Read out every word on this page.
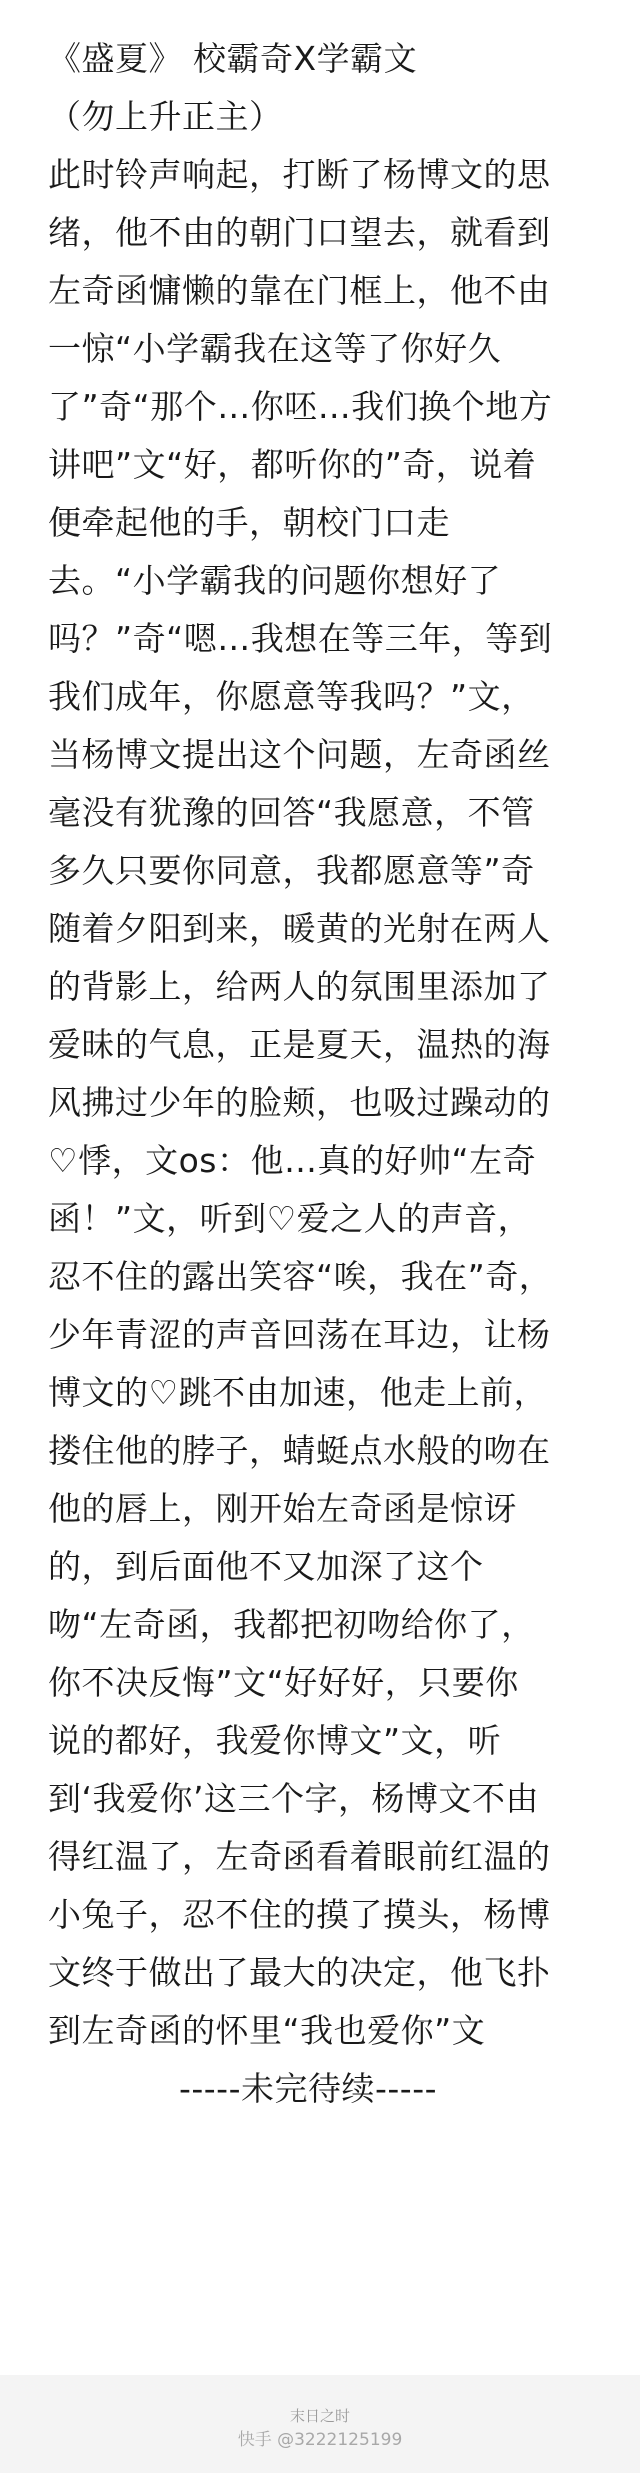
《盛夏》 校霸奇X学霸文
（勿上升正主）
此时铃声响起，打断了杨博文的思
绪，他不由的朝门口望去，就看到
左奇函慵懒的靠在门框上，他不由
一惊“小学霸我在这等了你好久
了”奇“那个…你呸…我们换个地方
讲吧”文“好，都听你的”奇，说着
便牵起他的手，朝校门口走
去。“小学霸我的问题你想好了
吗？”奇“嗯…我想在等三年，等到
我们成年，你愿意等我吗？”文，
当杨博文提出这个问题，左奇函丝
毫没有犹豫的回答“我愿意，不管
多久只要你同意，我都愿意等”奇
随着夕阳到来，暖黄的光射在两人
的背影上，给两人的氛围里添加了
爱昧的气息，正是夏天，温热的海
风拂过少年的脸颊，也吸过躁动的
♡悸，文os：他…真的好帅“左奇
函！”文，听到♡爱之人的声音，
忍不住的露出笑容“唉，我在”奇，
少年青涩的声音回荡在耳边，让杨
博文的♡跳不由加速，他走上前，
搂住他的脖子，蜻蜓点水般的吻在
他的唇上，刚开始左奇函是惊讶
的，到后面他不又加深了这个
吻“左奇函，我都把初吻给你了，
你不决反悔”文“好好好，只要你
说的都好，我爱你博文”文，听
到‘我爱你’这三个字，杨博文不由
得红温了，左奇函看着眼前红温的
小兔子，忍不住的摸了摸头，杨博
文终于做出了最大的决定，他飞扑
到左奇函的怀里“我也爱你”文
-----未完待续-----
末日之时
快手 @3222125199
